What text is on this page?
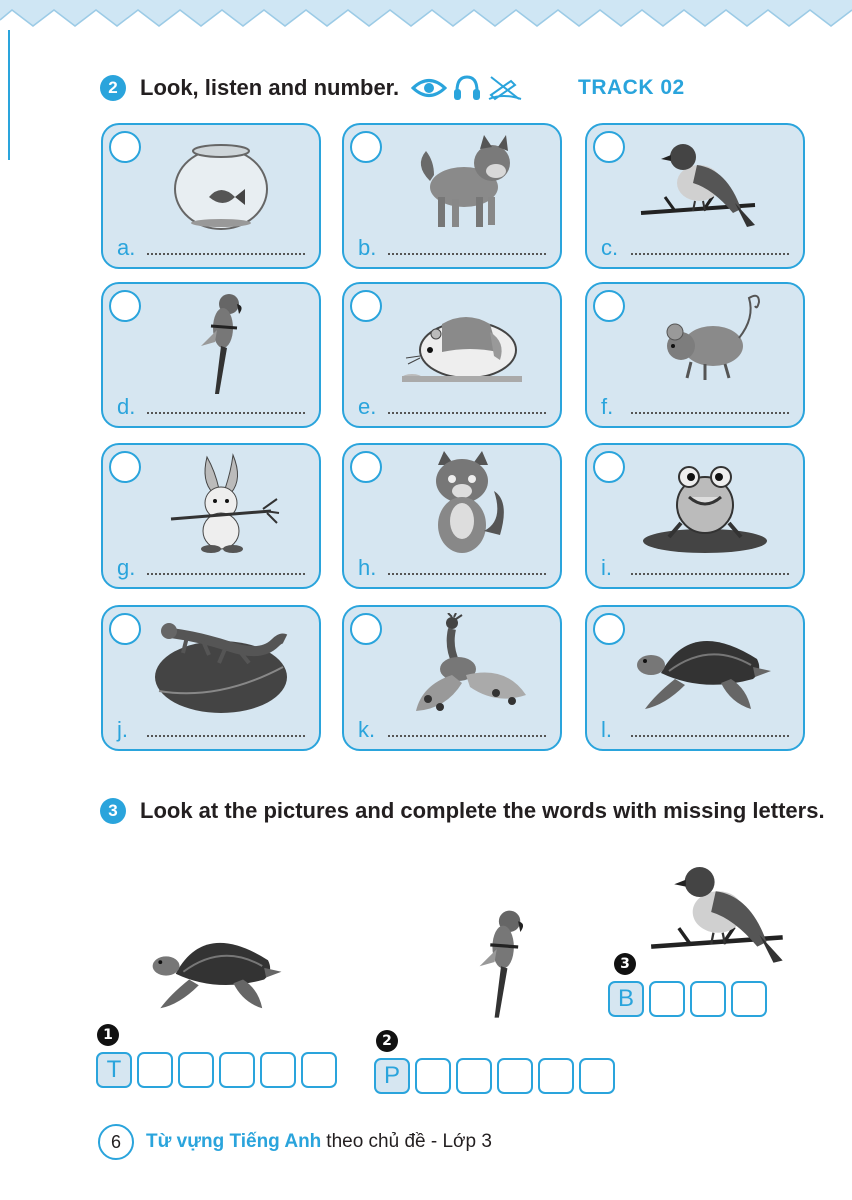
2	Look, listen and number.	TRACK 02
a.	b.	c.
d.	e.	f.
g.	h.	i.
j.	k.	l.
3	Look at the pictures and complete the words with missing letters.
1
T
2
P
3
B
6	Từ vựng Tiếng Anh theo chủ đề - Lớp 3
